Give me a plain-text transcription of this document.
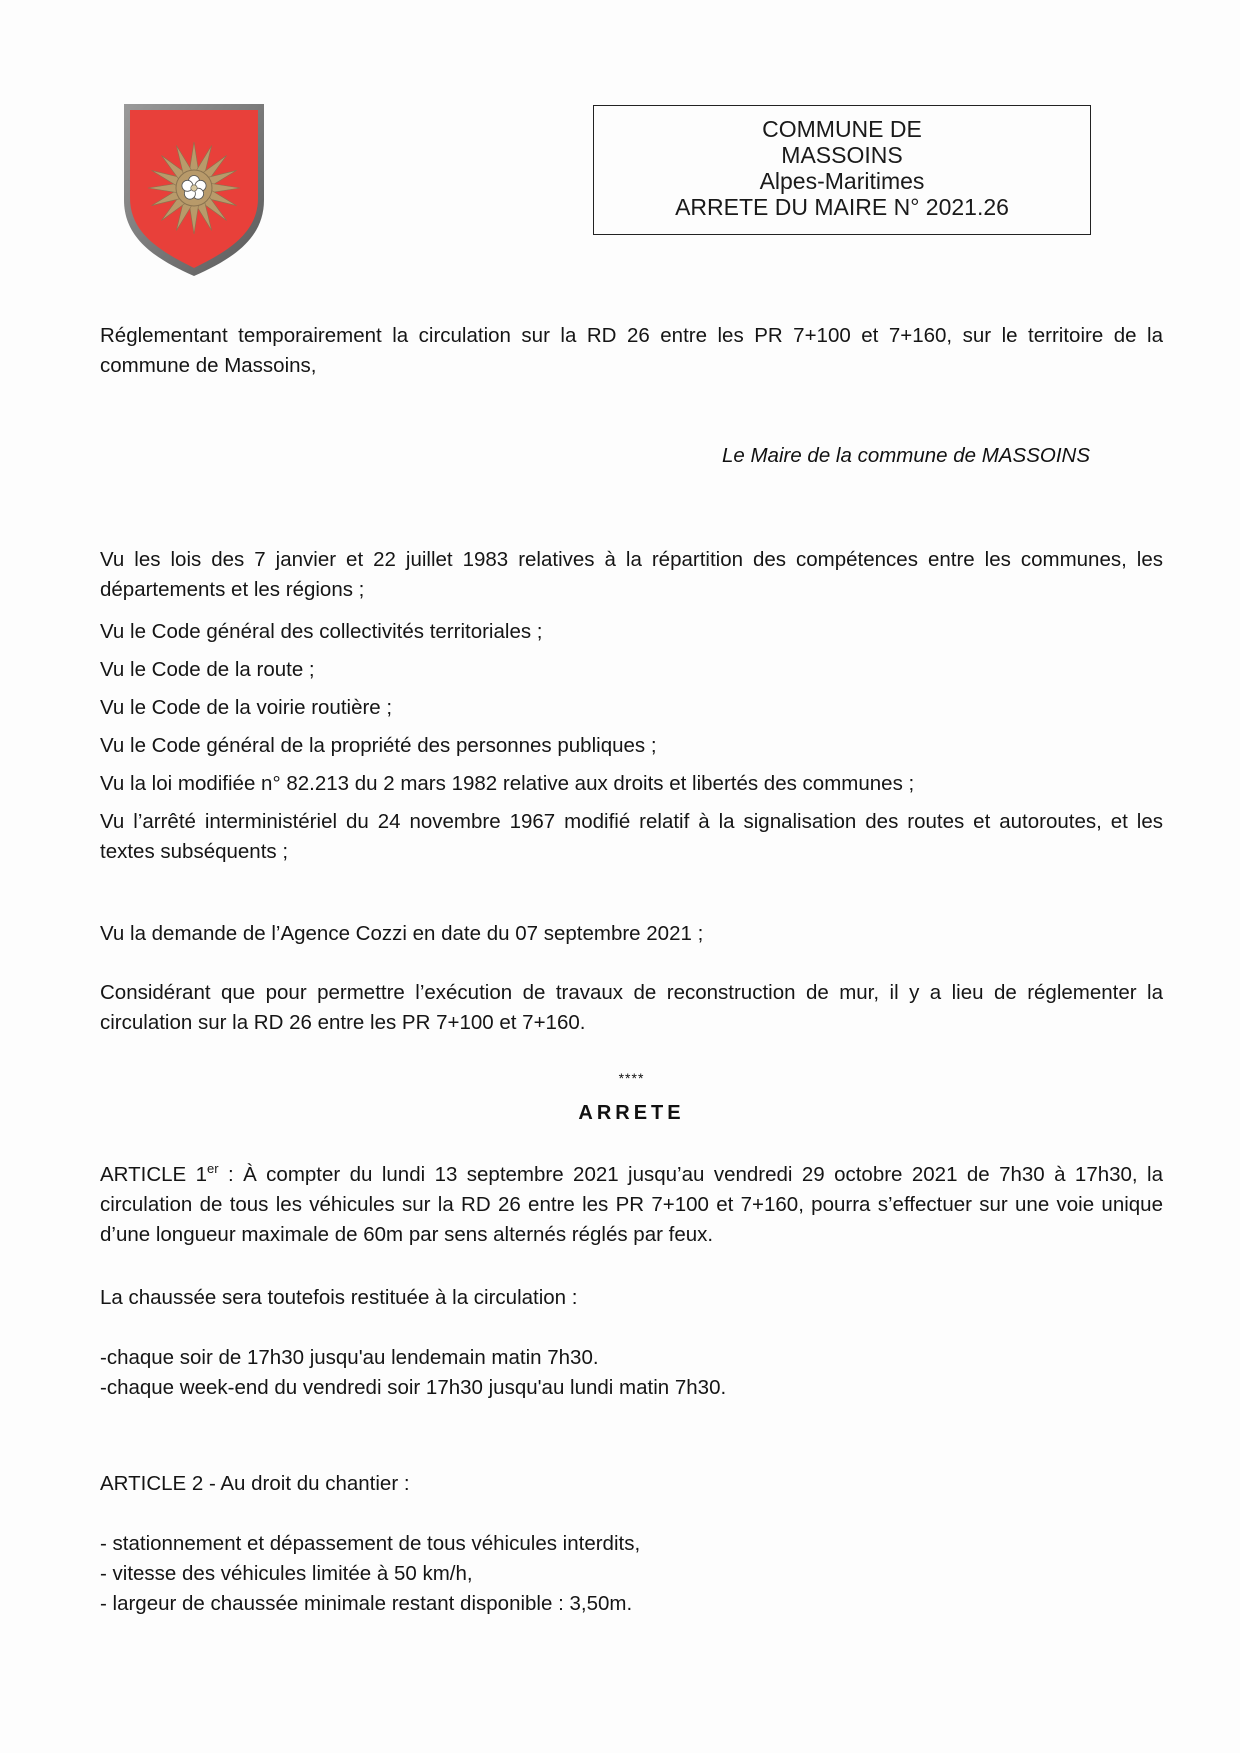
COMMUNE DE
MASSOINS
Alpes-Maritimes
ARRETE DU MAIRE N° 2021.26
Réglementant temporairement la circulation sur la RD 26 entre les PR 7+100 et 7+160, sur le territoire de la commune de Massoins,
Le Maire de la commune de MASSOINS
Vu les lois des 7 janvier et 22 juillet 1983 relatives à la répartition des compétences entre les communes, les départements et les régions ;
Vu le Code général des collectivités territoriales ;
Vu le Code de la route ;
Vu le Code de la voirie routière ;
Vu le Code général de la propriété des personnes publiques ;
Vu la loi modifiée n° 82.213 du 2 mars 1982 relative aux droits et libertés des communes ;
Vu l’arrêté interministériel du 24 novembre 1967 modifié relatif à la signalisation des routes et autoroutes, et les textes subséquents ;
Vu la demande de l’Agence Cozzi en date du 07 septembre 2021 ;
Considérant que pour permettre l’exécution de travaux de reconstruction de mur, il y a lieu de réglementer la circulation sur la RD 26 entre les PR 7+100 et 7+160.
****
ARRETE
ARTICLE 1er : À compter du lundi 13 septembre 2021 jusqu’au vendredi 29 octobre 2021 de 7h30 à 17h30, la circulation de tous les véhicules sur la RD 26 entre les PR 7+100 et 7+160, pourra s’effectuer sur une voie unique d’une longueur maximale de 60m par sens alternés réglés par feux.
La chaussée sera toutefois restituée à la circulation :
-chaque soir de 17h30 jusqu'au lendemain matin 7h30.
-chaque week-end du vendredi soir 17h30 jusqu'au lundi matin 7h30.
ARTICLE 2 - Au droit du chantier :
- stationnement et dépassement de tous véhicules interdits,
- vitesse des véhicules limitée à 50 km/h,
- largeur de chaussée minimale restant disponible : 3,50m.
